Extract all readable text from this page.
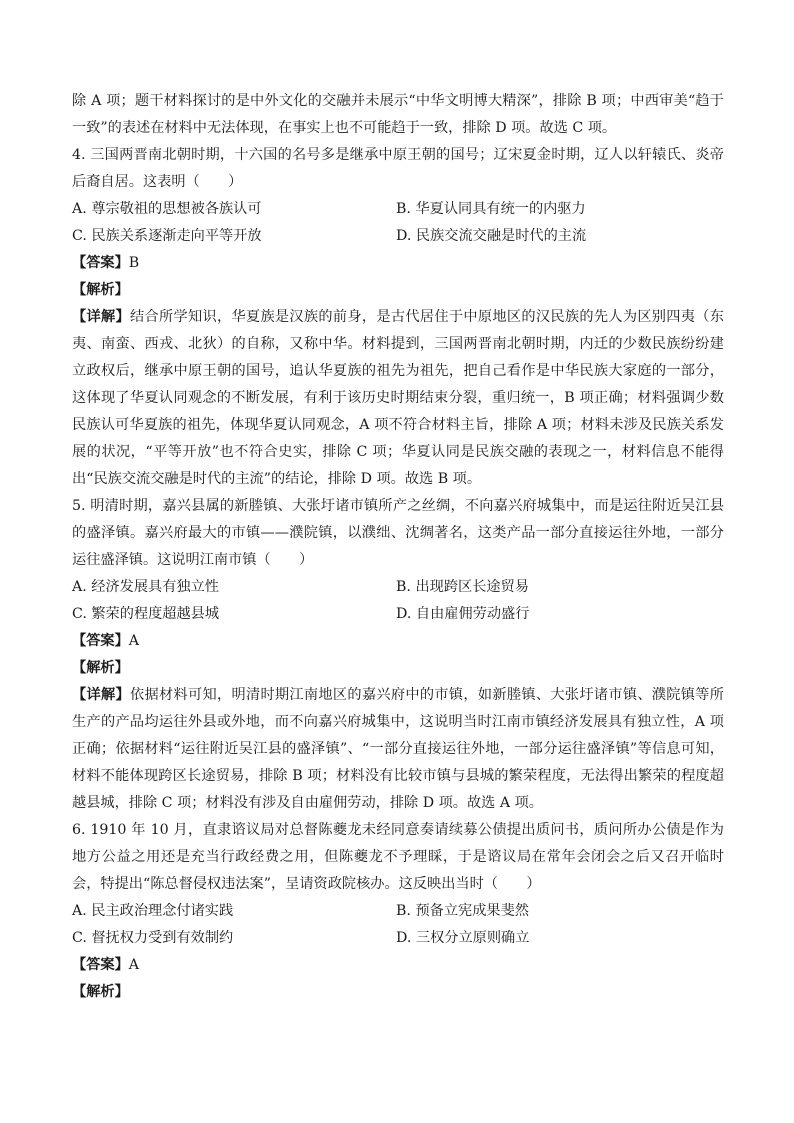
除 A 项；题干材料探讨的是中外文化的交融并未展示“中华文明博大精深”，排除 B 项；中西审美“趋于一致”的表述在材料中无法体现，在事实上也不可能趋于一致，排除 D 项。故选 C 项。

4. 三国两晋南北朝时期，十六国的名号多是继承中原王朝的国号；辽宋夏金时期，辽人以轩辕氏、炎帝后裔自居。这表明（　　）

A. 尊宗敬祖的思想被各族认可	B. 华夏认同具有统一的内驱力

C. 民族关系逐渐走向平等开放	D. 民族交流交融是时代的主流

【答案】B

【解析】

【详解】结合所学知识，华夏族是汉族的前身，是古代居住于中原地区的汉民族的先人为区别四夷（东夷、南蛮、西戎、北狄）的自称，又称中华。材料提到，三国两晋南北朝时期，内迁的少数民族纷纷建立政权后，继承中原王朝的国号，追认华夏族的祖先为祖先，把自己看作是中华民族大家庭的一部分，这体现了华夏认同观念的不断发展，有利于该历史时期结束分裂，重归统一，B 项正确；材料强调少数民族认可华夏族的祖先，体现华夏认同观念，A 项不符合材料主旨，排除 A 项；材料未涉及民族关系发展的状况，“平等开放”也不符合史实，排除 C 项；华夏认同是民族交融的表现之一，材料信息不能得出“民族交流交融是时代的主流”的结论，排除 D 项。故选 B 项。

5. 明清时期，嘉兴县属的新塍镇、大张圩诸市镇所产之丝绸，不向嘉兴府城集中，而是运往附近吴江县的盛泽镇。嘉兴府最大的市镇——濮院镇，以濮绌、沈绸著名，这类产品一部分直接运往外地，一部分运往盛泽镇。这说明江南市镇（　　）

A. 经济发展具有独立性	B. 出现跨区长途贸易

C. 繁荣的程度超越县城	D. 自由雇佣劳动盛行

【答案】A

【解析】

【详解】依据材料可知，明清时期江南地区的嘉兴府中的市镇，如新塍镇、大张圩诸市镇、濮院镇等所生产的产品均运往外县或外地，而不向嘉兴府城集中，这说明当时江南市镇经济发展具有独立性，A 项正确；依据材料“运往附近吴江县的盛泽镇”、“一部分直接运往外地，一部分运往盛泽镇”等信息可知，材料不能体现跨区长途贸易，排除 B 项；材料没有比较市镇与县城的繁荣程度，无法得出繁荣的程度超越县城，排除 C 项；材料没有涉及自由雇佣劳动，排除 D 项。故选 A 项。

6. 1910 年 10 月，直隶谘议局对总督陈夔龙未经同意奏请续募公债提出质问书，质问所办公债是作为地方公益之用还是充当行政经费之用，但陈夔龙不予理睬，于是谘议局在常年会闭会之后又召开临时会，特提出“陈总督侵权违法案”，呈请资政院核办。这反映出当时（　　）

A. 民主政治理念付诸实践	B. 预备立宪成果斐然

C. 督抚权力受到有效制约	D. 三权分立原则确立

【答案】A

【解析】
